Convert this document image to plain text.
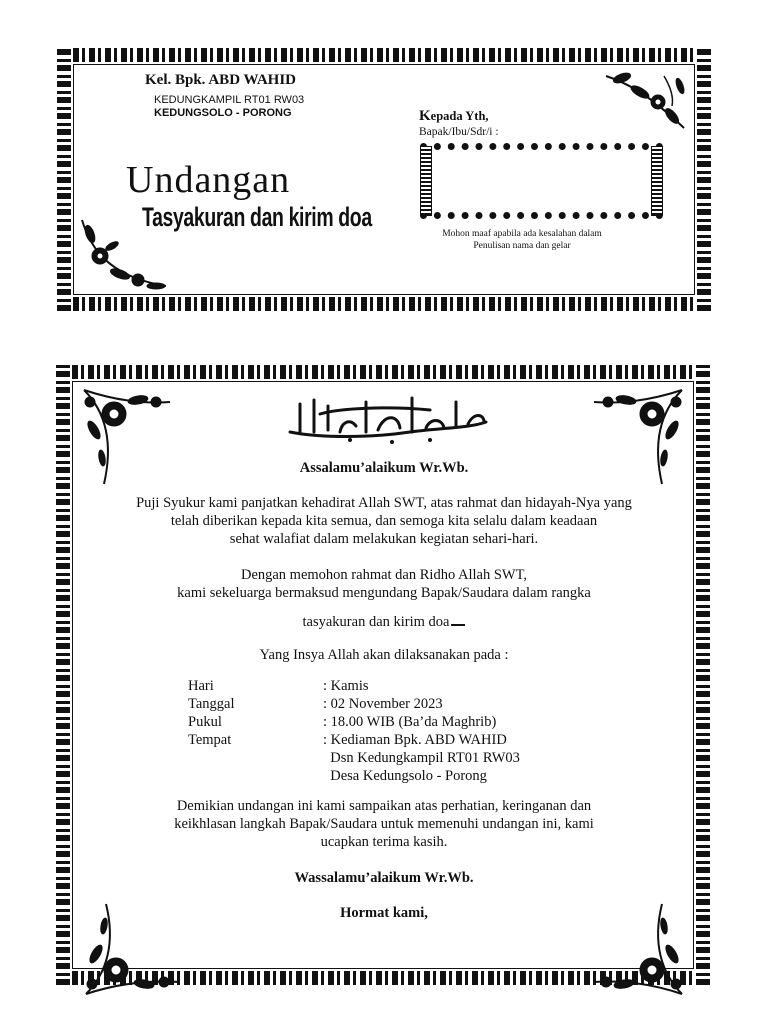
Kel. Bpk. ABD WAHID
KEDUNGKAMPIL RT01 RW03
KEDUNGSOLO - PORONG
Undangan
Tasyakuran dan kirim doa
Kepada Yth,
Bapak/Ibu/Sdr/i :
Mohon maaf apabila ada kesalahan dalam
Penulisan nama dan gelar
Assalamu’alaikum Wr.Wb.
Puji Syukur kami panjatkan kehadirat Allah SWT, atas rahmat dan hidayah-Nya yang
telah diberikan kepada kita semua, dan semoga kita selalu dalam keadaan
sehat walafiat dalam melakukan kegiatan sehari-hari.
Dengan memohon rahmat dan Ridho Allah SWT,
kami sekeluarga bermaksud mengundang Bapak/Saudara dalam rangka
tasyakuran dan kirim doa
Yang Insya Allah akan dilaksanakan pada :
Hari	: Kamis
Tanggal	: 02 November 2023
Pukul	: 18.00 WIB (Ba’da Maghrib)
Tempat	: Kediaman Bpk. ABD WAHID
Dsn Kedungkampil RT01 RW03
Desa Kedungsolo - Porong
Demikian undangan ini kami sampaikan atas perhatian, keringanan dan
keikhlasan langkah Bapak/Saudara untuk memenuhi undangan ini, kami
ucapkan terima kasih.
Wassalamu’alaikum Wr.Wb.
Hormat kami,
